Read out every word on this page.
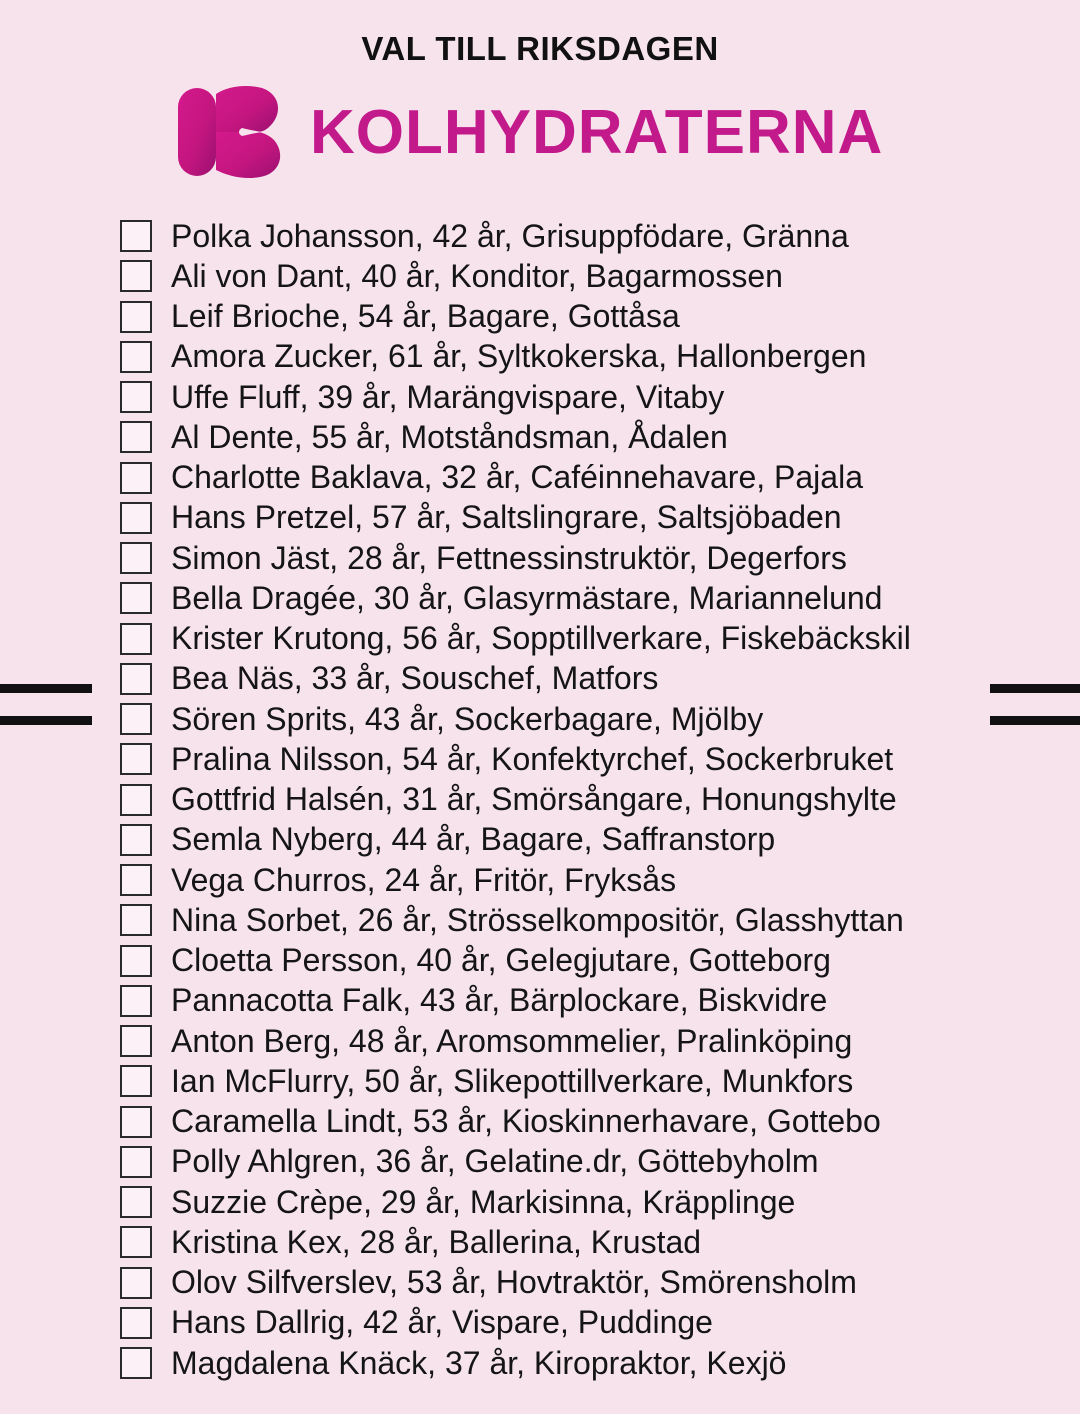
VAL TILL RIKSDAGEN
KOLHYDRATERNA
Polka Johansson, 42 år, Grisuppfödare, Gränna
Ali von Dant, 40 år, Konditor, Bagarmossen
Leif Brioche, 54 år, Bagare, Gottåsa
Amora Zucker, 61 år, Syltkokerska, Hallonbergen
Uffe Fluff, 39 år, Marängvispare, Vitaby
Al Dente, 55 år, Motståndsman, Ådalen
Charlotte Baklava, 32 år, Caféinnehavare, Pajala
Hans Pretzel, 57 år, Saltslingrare, Saltsjöbaden
Simon Jäst, 28 år, Fettnessinstruktör, Degerfors
Bella Dragée, 30 år, Glasyrmästare, Mariannelund
Krister Krutong, 56 år, Sopptillverkare, Fiskebäckskil
Bea Näs, 33 år, Souschef, Matfors
Sören Sprits, 43 år, Sockerbagare, Mjölby
Pralina Nilsson, 54 år, Konfektyrchef, Sockerbruket
Gottfrid Halsén, 31 år, Smörsångare, Honungshylte
Semla Nyberg, 44 år, Bagare, Saffranstorp
Vega Churros, 24 år, Fritör, Fryksås
Nina Sorbet, 26 år, Strösselkompositör, Glasshyttan
Cloetta Persson, 40 år, Gelegjutare, Gotteborg
Pannacotta Falk, 43 år, Bärplockare, Biskvidre
Anton Berg, 48 år, Aromsommelier, Pralinköping
Ian McFlurry, 50 år, Slikepottillverkare, Munkfors
Caramella Lindt, 53 år, Kioskinnerhavare, Gottebo
Polly Ahlgren, 36 år, Gelatine.dr, Göttebyholm
Suzzie Crèpe, 29 år, Markisinna, Kräpplinge
Kristina Kex, 28 år, Ballerina, Krustad
Olov Silfverslev, 53 år, Hovtraktör, Smörensholm
Hans Dallrig, 42 år, Vispare, Puddinge
Magdalena Knäck, 37 år, Kiropraktor, Kexjö
